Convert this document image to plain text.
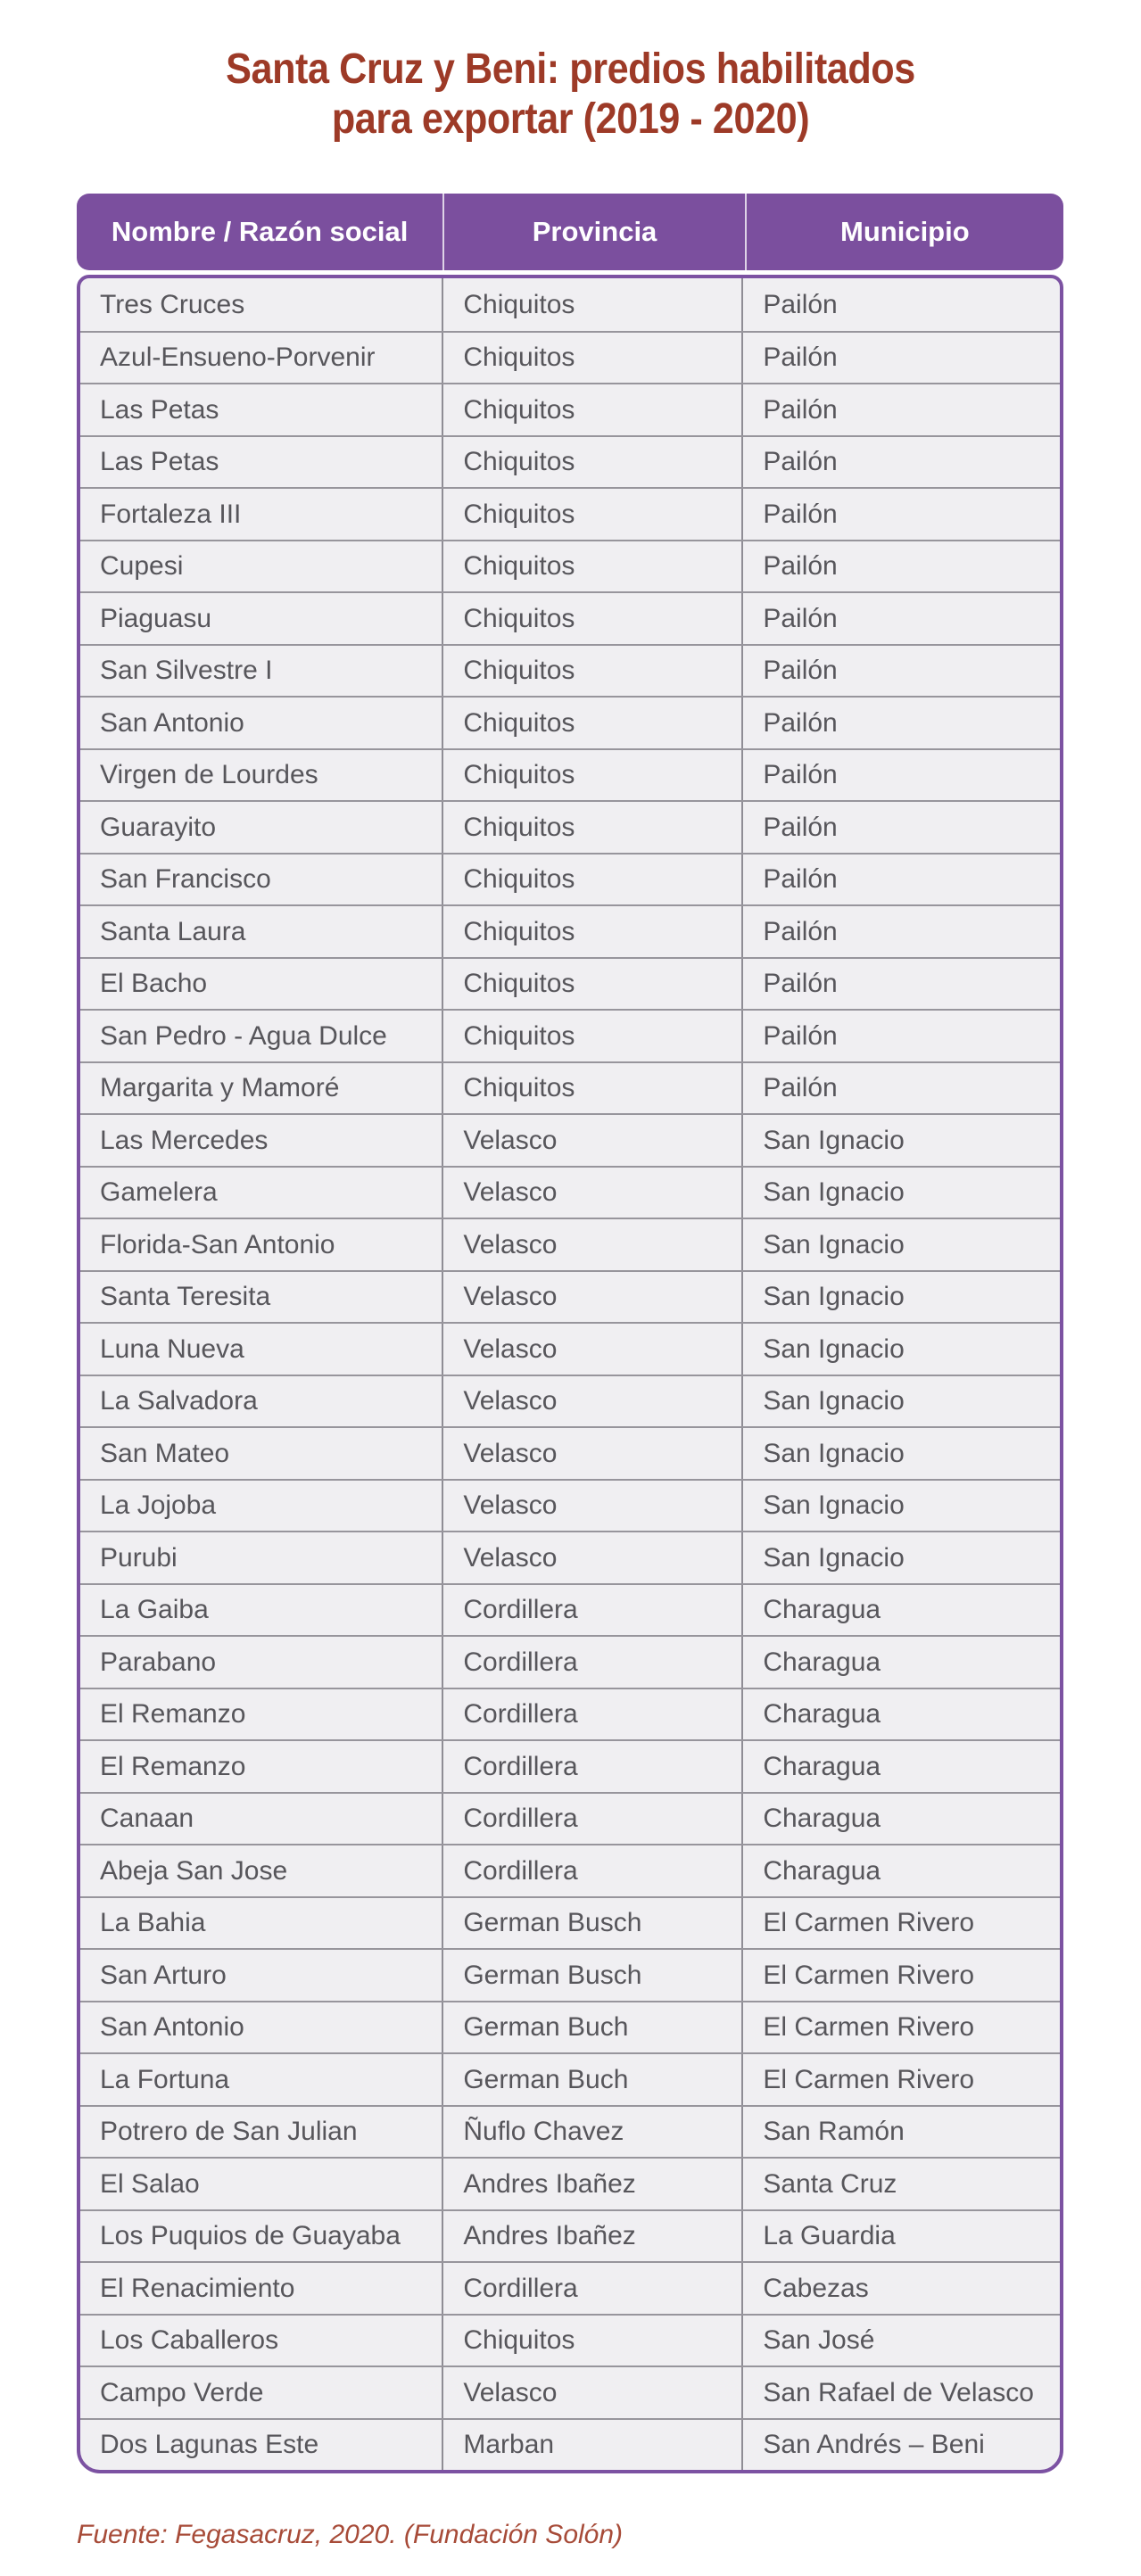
Santa Cruz y Beni: predios habilitados
para exportar (2019 - 2020)
Nombre / Razón social	Provincia	Municipio
Tres Cruces	Chiquitos	Pailón
Azul-Ensueno-Porvenir	Chiquitos	Pailón
Las Petas	Chiquitos	Pailón
Las Petas	Chiquitos	Pailón
Fortaleza III	Chiquitos	Pailón
Cupesi	Chiquitos	Pailón
Piaguasu	Chiquitos	Pailón
San Silvestre I	Chiquitos	Pailón
San Antonio	Chiquitos	Pailón
Virgen de Lourdes	Chiquitos	Pailón
Guarayito	Chiquitos	Pailón
San Francisco	Chiquitos	Pailón
Santa Laura	Chiquitos	Pailón
El Bacho	Chiquitos	Pailón
San Pedro - Agua Dulce	Chiquitos	Pailón
Margarita y Mamoré	Chiquitos	Pailón
Las Mercedes	Velasco	San Ignacio
Gamelera	Velasco	San Ignacio
Florida-San Antonio	Velasco	San Ignacio
Santa Teresita	Velasco	San Ignacio
Luna Nueva	Velasco	San Ignacio
La Salvadora	Velasco	San Ignacio
San Mateo	Velasco	San Ignacio
La Jojoba	Velasco	San Ignacio
Purubi	Velasco	San Ignacio
La Gaiba	Cordillera	Charagua
Parabano	Cordillera	Charagua
El Remanzo	Cordillera	Charagua
El Remanzo	Cordillera	Charagua
Canaan	Cordillera	Charagua
Abeja San Jose	Cordillera	Charagua
La Bahia	German Busch	El Carmen Rivero
San Arturo	German Busch	El Carmen Rivero
San Antonio	German Buch	El Carmen Rivero
La Fortuna	German Buch	El Carmen Rivero
Potrero de San Julian	Ñuflo Chavez	San Ramón
El Salao	Andres Ibañez	Santa Cruz
Los Puquios de Guayaba	Andres Ibañez	La Guardia
El Renacimiento	Cordillera	Cabezas
Los Caballeros	Chiquitos	San José
Campo Verde	Velasco	San Rafael de Velasco
Dos Lagunas Este	Marban	San Andrés – Beni

Fuente: Fegasacruz, 2020. (Fundación Solón)
